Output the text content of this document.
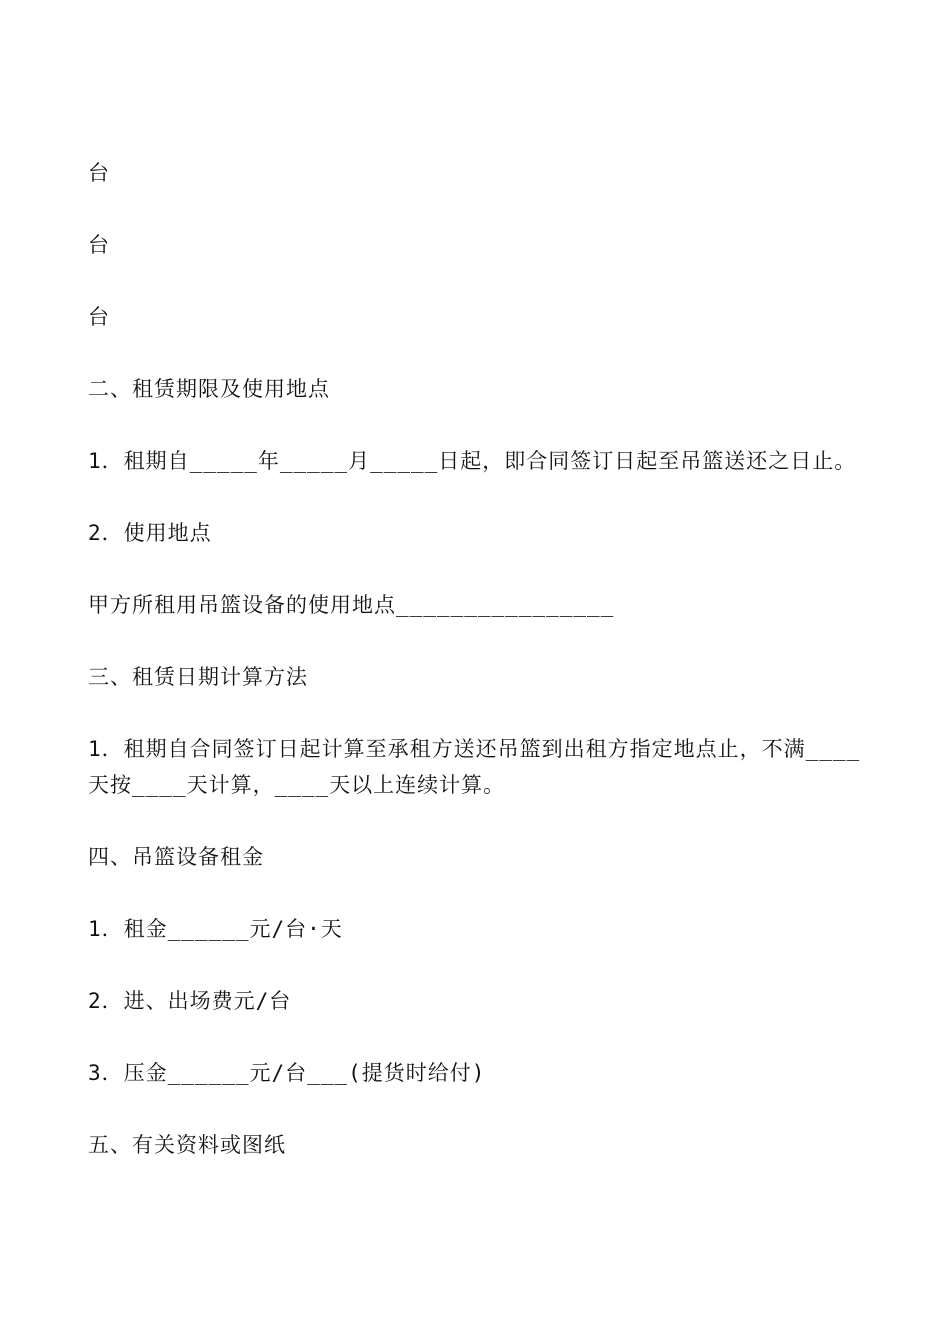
台
台
台
二、租赁期限及使用地点
1．租期自_____年_____月_____日起，即合同签订日起至吊篮送还之日止。
2．使用地点
甲方所租用吊篮设备的使用地点________________
三、租赁日期计算方法
1．租期自合同签订日起计算至承租方送还吊篮到出租方指定地点止，不满____
天按____天计算，____天以上连续计算。
四、吊篮设备租金
1．租金______元/台·天
2．进、出场费元/台
3．压金______元/台___(提货时给付)
五、有关资料或图纸
